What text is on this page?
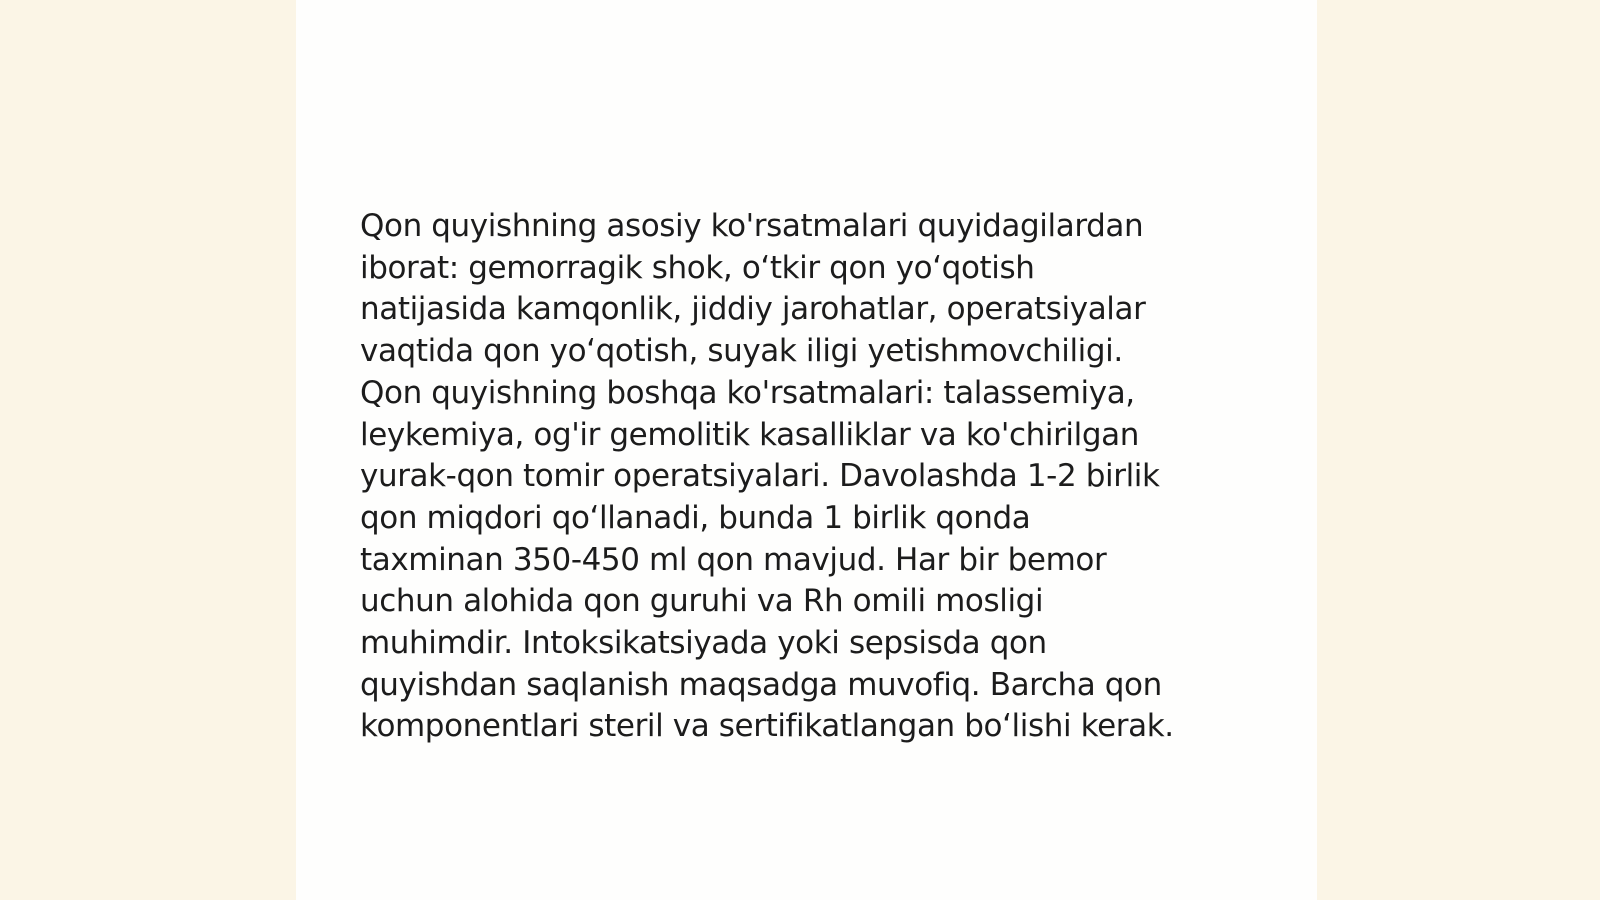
Qon quyishning asosiy ko'rsatmalari quyidagilardan
iborat: gemorragik shok, o‘tkir qon yo‘qotish
natijasida kamqonlik, jiddiy jarohatlar, operatsiyalar
vaqtida qon yo‘qotish, suyak iligi yetishmovchiligi.
Qon quyishning boshqa ko'rsatmalari: talassemiya,
leykemiya, og'ir gemolitik kasalliklar va ko'chirilgan
yurak-qon tomir operatsiyalari. Davolashda 1-2 birlik
qon miqdori qo‘llanadi, bunda 1 birlik qonda
taxminan 350-450 ml qon mavjud. Har bir bemor
uchun alohida qon guruhi va Rh omili mosligi
muhimdir. Intoksikatsiyada yoki sepsisda qon
quyishdan saqlanish maqsadga muvofiq. Barcha qon
komponentlari steril va sertifikatlangan bo‘lishi kerak.
